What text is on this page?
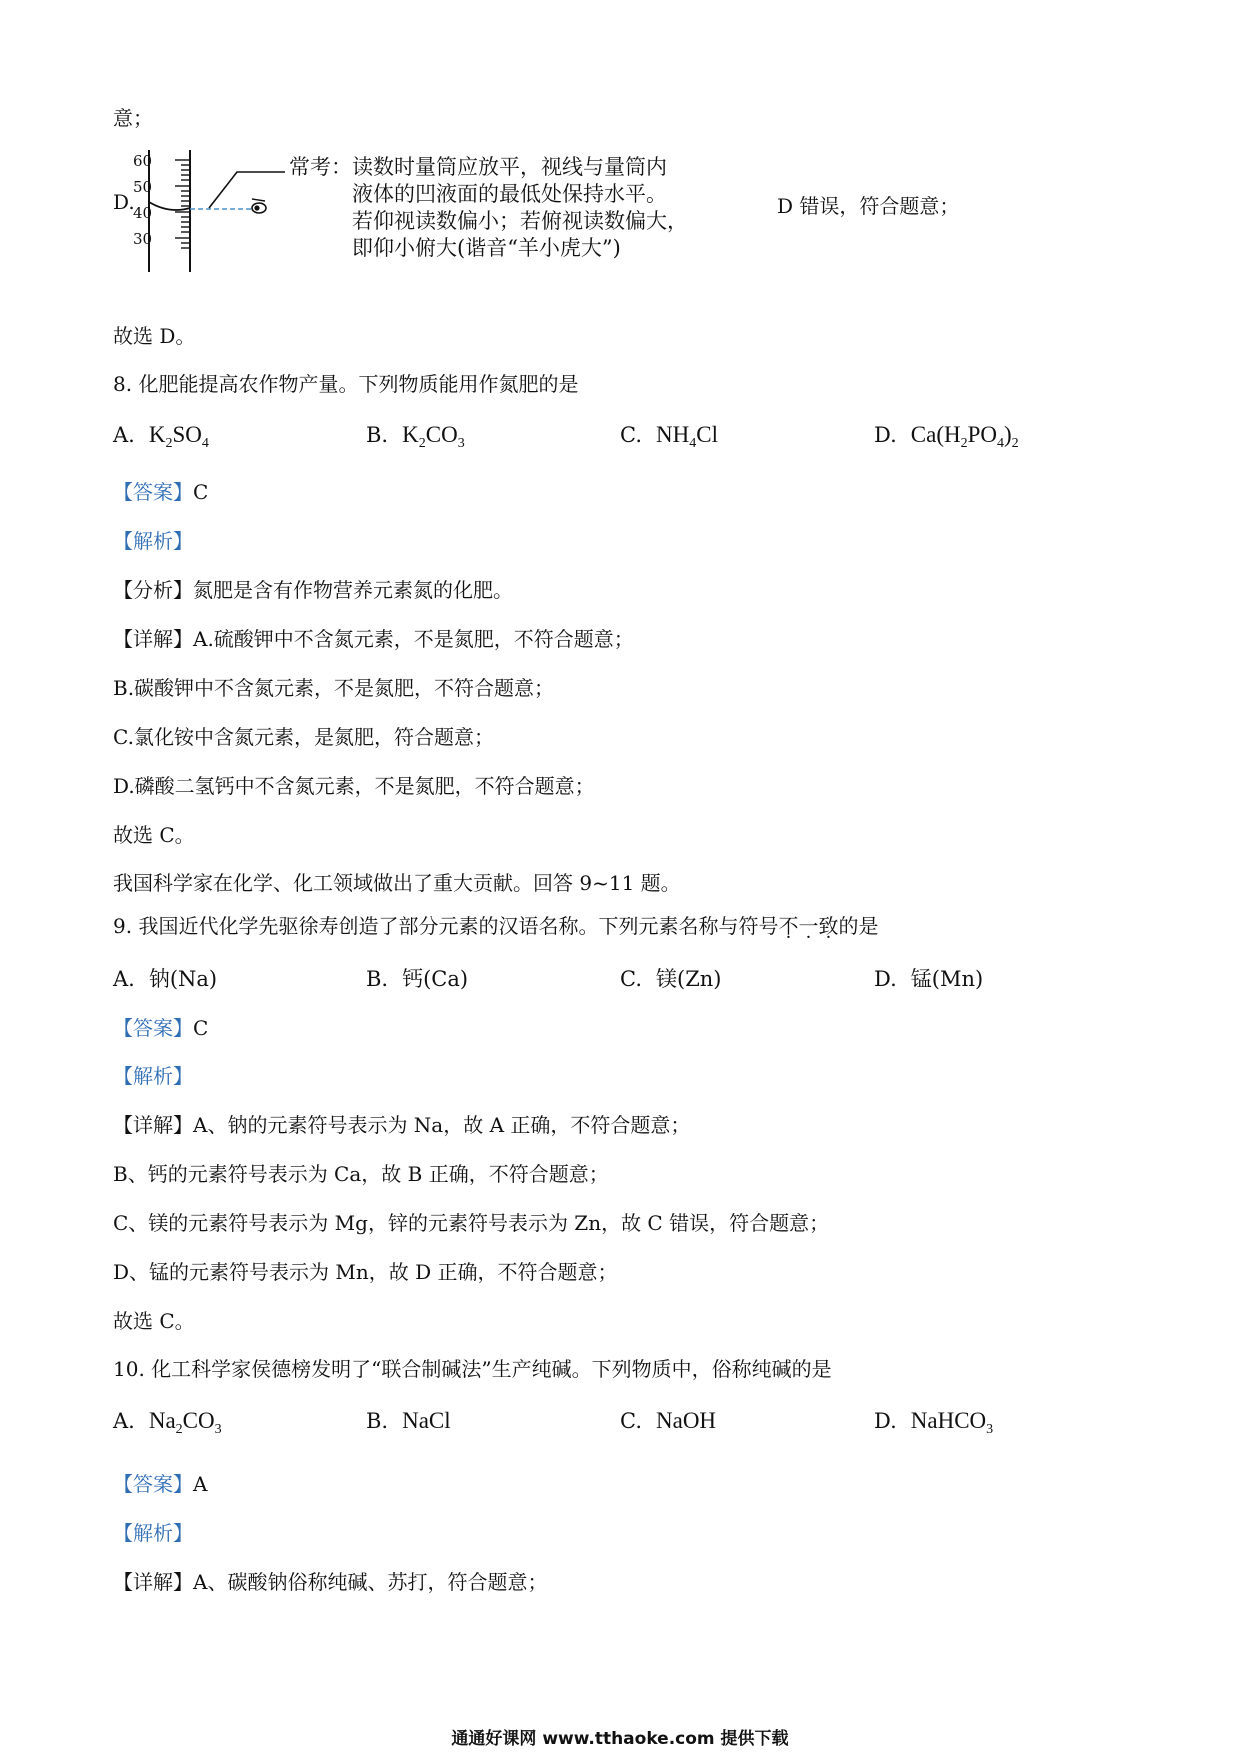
意；
D.
60
50
40
30
常考：读数时量筒应放平，视线与量筒内
液体的凹液面的最低处保持水平。
若仰视读数偏小；若俯视读数偏大，
即仰小俯大(谐音“羊小虎大”)
D 错误，符合题意；
故选 D。
8. 化肥能提高农作物产量。下列物质能用作氮肥的是
A. $K_2SO_4$	B. $K_2CO_3$	C. $NH_4Cl$	D. $Ca(H_2PO_4)_2$
【答案】C
【解析】
【分析】氮肥是含有作物营养元素氮的化肥。
【详解】A.硫酸钾中不含氮元素，不是氮肥，不符合题意；
B.碳酸钾中不含氮元素，不是氮肥，不符合题意；
C.氯化铵中含氮元素，是氮肥，符合题意；
D.磷酸二氢钙中不含氮元素，不是氮肥，不符合题意；
故选 C。
我国科学家在化学、化工领域做出了重大贡献。回答 9~11 题。
9. 我国近代化学先驱徐寿创造了部分元素的汉语名称。下列元素名称与符号不一致的是
A. 钠(Na)	B. 钙(Ca)	C. 镁(Zn)	D. 锰(Mn)
【答案】C
【解析】
【详解】A、钠的元素符号表示为 Na，故 A 正确，不符合题意；
B、钙的元素符号表示为 Ca，故 B 正确，不符合题意；
C、镁的元素符号表示为 Mg，锌的元素符号表示为 Zn，故 C 错误，符合题意；
D、锰的元素符号表示为 Mn，故 D 正确，不符合题意；
故选 C。
10. 化工科学家侯德榜发明了“联合制碱法”生产纯碱。下列物质中，俗称纯碱的是
A. $Na_2CO_3$	B. NaCl	C. NaOH	D. NaHCO$_3$
【答案】A
【解析】
【详解】A、碳酸钠俗称纯碱、苏打，符合题意；
通通好课网 www.tthaoke.com 提供下载
